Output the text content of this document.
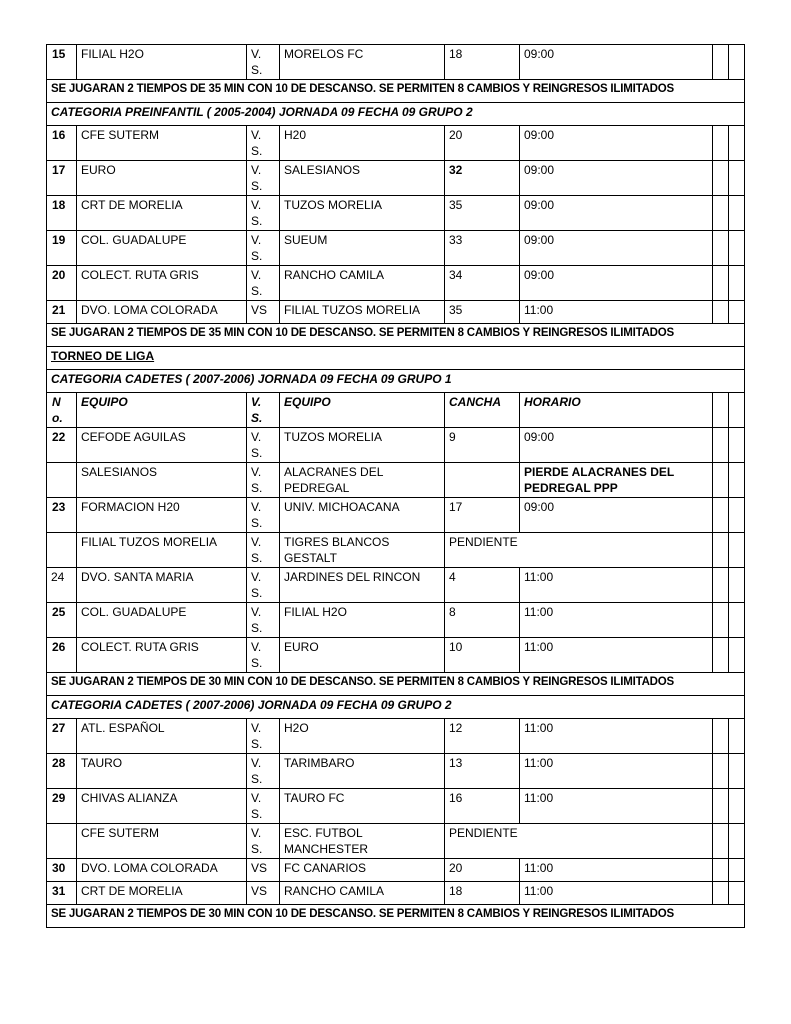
15	FILIAL H2O	V. S.	MORELOS FC	18	09:00		
SE JUGARAN 2 TIEMPOS DE 35 MIN CON 10 DE DESCANSO. SE PERMITEN 8 CAMBIOS Y REINGRESOS ILIMITADOS							
CATEGORIA PREINFANTIL ( 2005-2004) JORNADA 09 FECHA 09 GRUPO 2							
16	CFE SUTERM	V. S.	H20	20	09:00		
17	EURO	V. S.	SALESIANOS	32	09:00		
18	CRT DE MORELIA	V. S.	TUZOS MORELIA	35	09:00		
19	COL. GUADALUPE	V. S.	SUEUM	33	09:00		
20	COLECT. RUTA GRIS	V. S.	RANCHO CAMILA	34	09:00		
21	DVO. LOMA COLORADA	VS	FILIAL TUZOS MORELIA	35	11:00		
SE JUGARAN 2 TIEMPOS DE 35 MIN CON 10 DE DESCANSO. SE PERMITEN 8 CAMBIOS Y REINGRESOS ILIMITADOS							
TORNEO DE LIGA							
CATEGORIA CADETES ( 2007-2006) JORNADA 09 FECHA 09 GRUPO 1							
N o.	EQUIPO	V. S.	EQUIPO	CANCHA	HORARIO		
22	CEFODE AGUILAS	V. S.	TUZOS MORELIA	9	09:00		
	SALESIANOS	V. S.	ALACRANES DEL PEDREGAL		PIERDE ALACRANES DEL PEDREGAL PPP		
23	FORMACION H20	V. S.	UNIV. MICHOACANA	17	09:00		
	FILIAL TUZOS MORELIA	V. S.	TIGRES BLANCOS GESTALT	PENDIENTE			
24	DVO. SANTA MARIA	V. S.	JARDINES DEL RINCON	4	11:00		
25	COL. GUADALUPE	V. S.	FILIAL H2O	8	11:00		
26	COLECT. RUTA GRIS	V. S.	EURO	10	11:00		
SE JUGARAN 2 TIEMPOS DE 30 MIN CON 10 DE DESCANSO. SE PERMITEN 8 CAMBIOS Y REINGRESOS ILIMITADOS							
CATEGORIA CADETES ( 2007-2006) JORNADA 09 FECHA 09 GRUPO 2							
27	ATL. ESPAÑOL	V. S.	H2O	12	11:00		
28	TAURO	V. S.	TARIMBARO	13	11:00		
29	CHIVAS ALIANZA	V. S.	TAURO FC	16	11:00		
	CFE SUTERM	V. S.	ESC. FUTBOL MANCHESTER	PENDIENTE			
30	DVO. LOMA COLORADA	VS	FC CANARIOS	20	11:00		
31	CRT DE MORELIA	VS	RANCHO CAMILA	18	11:00		
SE JUGARAN 2 TIEMPOS DE 30 MIN CON 10 DE DESCANSO. SE PERMITEN 8 CAMBIOS Y REINGRESOS ILIMITADOS							
